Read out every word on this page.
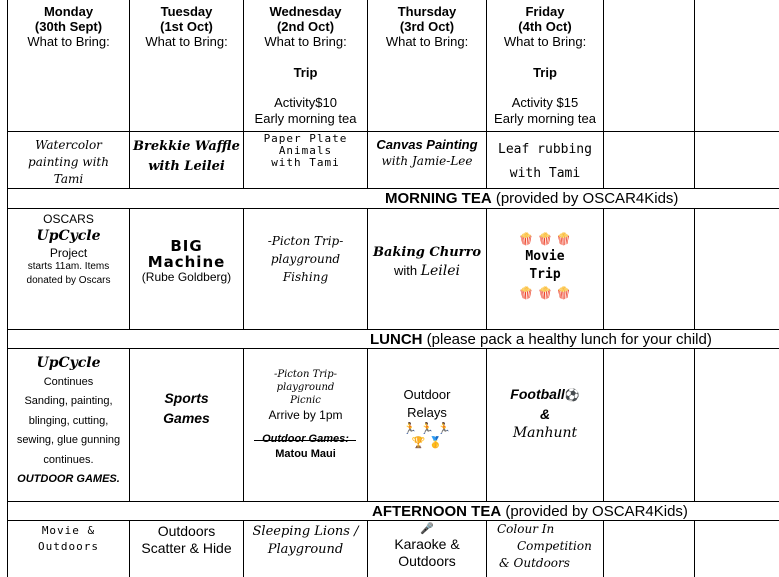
Monday
(30th Sept)
What to Bring:
Tuesday
(1st Oct)
What to Bring:
Wednesday
(2nd Oct)
What to Bring:
Trip
Activity$10
Early morning tea
Thursday
(3rd Oct)
What to Bring:
Friday
(4th Oct)
What to Bring:
Trip
Activity $15
Early morning tea
Watercolor
painting with
Tami
Brekkie Waffle
with Leilei
Paper Plate
Animals
with Tami
Canvas Painting
with Jamie-Lee
Leaf rubbing
with Tami
MORNING TEA (provided by OSCAR4Kids)
OSCARS
UpCycle
Project
starts 11am. Items
donated by Oscars
BIG
Machine
(Rube Goldberg)
-Picton Trip-
playground
Fishing
Baking Churro
with Leilei
🍿 🍿 🍿
Movie
Trip
🍿 🍿 🍿
LUNCH (please pack a healthy lunch for your child)
UpCycle
Continues
Sanding, painting,
blinging, cutting,
sewing, glue gunning
continues.
OUTDOOR GAMES.
Sports
Games
-Picton Trip-
playground
Picnic
Arrive by 1pm
Outdoor Games:
Matou Maui
Outdoor
Relays
🏃 🏃 🏃
🏆 🥇
Football⚽
&
Manhunt
AFTERNOON TEA (provided by OSCAR4Kids)
Movie &
Outdoors
Outdoors
Scatter & Hide
Sleeping Lions /
Playground
🎤
Karaoke &
Outdoors
Colour In
Competition
& Outdoors
